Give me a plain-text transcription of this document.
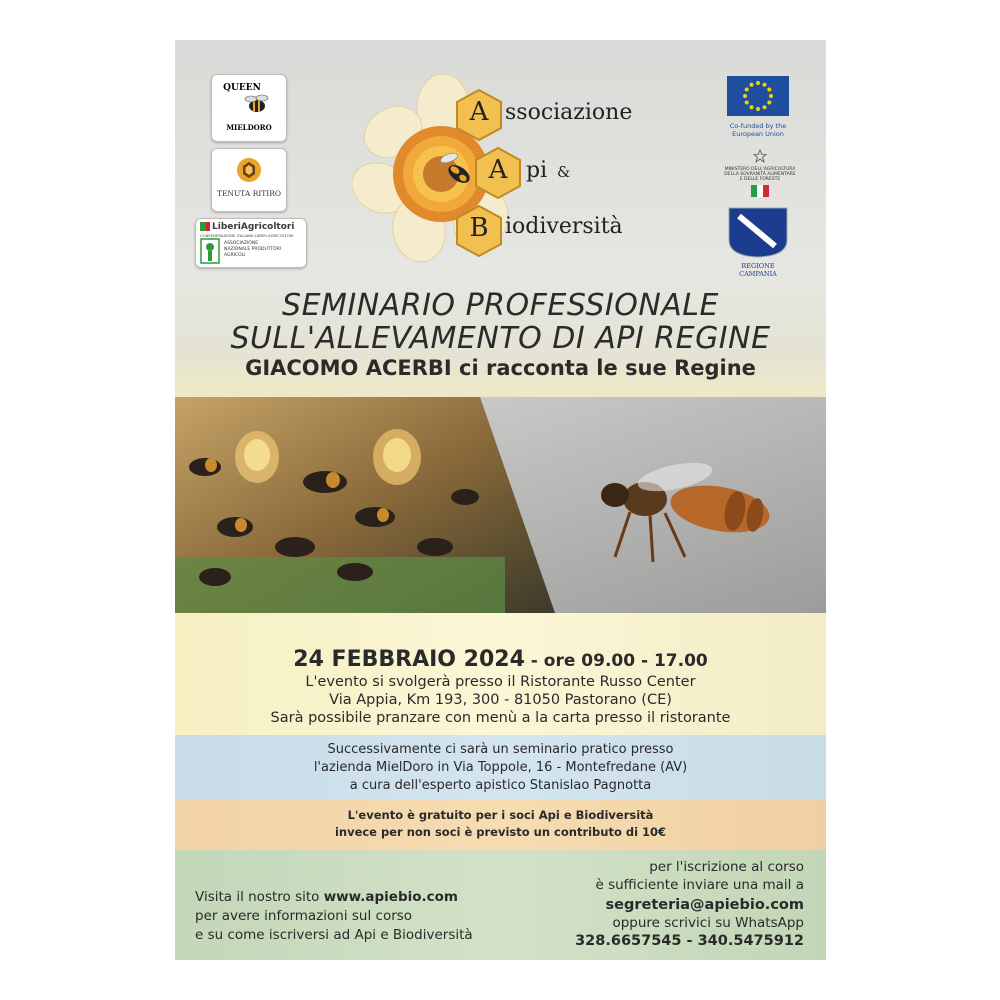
QUEEN
MIELDORO
TENUTA RITIRO
LiberiAgricoltori
CONFEDERAZIONE ITALIANA LIBERI AGRICOLTORI
ASSOCIAZIONE NAZIONALE PRODUTTORI AGRICOLI
A ssociazione
A pi &
B iodiversità
Co-funded by the
European Union
MINISTERO DELL'AGRICOLTURA
DELLA SOVRANITÀ ALIMENTARE
E DELLE FORESTE
REGIONE CAMPANIA
SEMINARIO PROFESSIONALE
SULL'ALLEVAMENTO DI API REGINE
GIACOMO ACERBI ci racconta le sue Regine
24 FEBBRAIO 2024 - ore 09.00 - 17.00
L'evento si svolgerà presso il Ristorante Russo Center
Via Appia, Km 193, 300 - 81050 Pastorano (CE)
Sarà possibile pranzare con menù a la carta presso il ristorante
Successivamente ci sarà un seminario pratico presso
l'azienda MielDoro in Via Toppole, 16 - Montefredane (AV)
a cura dell'esperto apistico Stanislao Pagnotta
L'evento è gratuito per i soci Api e Biodiversità
invece per non soci è previsto un contributo di 10€
Visita il nostro sito www.apiebio.com
per avere informazioni sul corso
e su come iscriversi ad Api e Biodiversità
per l'iscrizione al corso
è sufficiente inviare una mail a
segreteria@apiebio.com
oppure scrivici su WhatsApp
328.6657545 - 340.5475912
